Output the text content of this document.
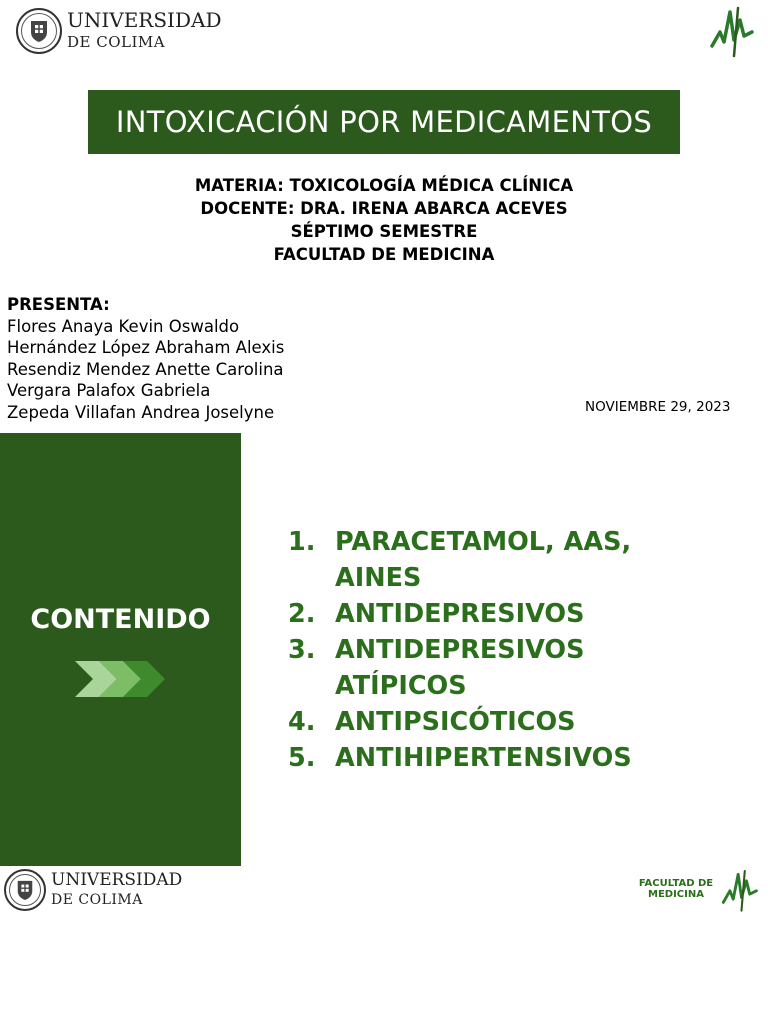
UNIVERSIDAD
DE COLIMA
INTOXICACIÓN POR MEDICAMENTOS
MATERIA: TOXICOLOGÍA MÉDICA CLÍNICA
DOCENTE: DRA. IRENA ABARCA ACEVES
SÉPTIMO SEMESTRE
FACULTAD DE MEDICINA
PRESENTA:
Flores Anaya Kevin Oswaldo
Hernández López Abraham Alexis
Resendiz Mendez Anette Carolina
Vergara Palafox Gabriela
Zepeda Villafan Andrea Joselyne	NOVIEMBRE 29, 2023
CONTENIDO
1. PARACETAMOL, AAS, AINES
2. ANTIDEPRESIVOS
3. ANTIDEPRESIVOS ATÍPICOS
4. ANTIPSICÓTICOS
5. ANTIHIPERTENSIVOS
UNIVERSIDAD
DE COLIMA
FACULTAD DE
MEDICINA
